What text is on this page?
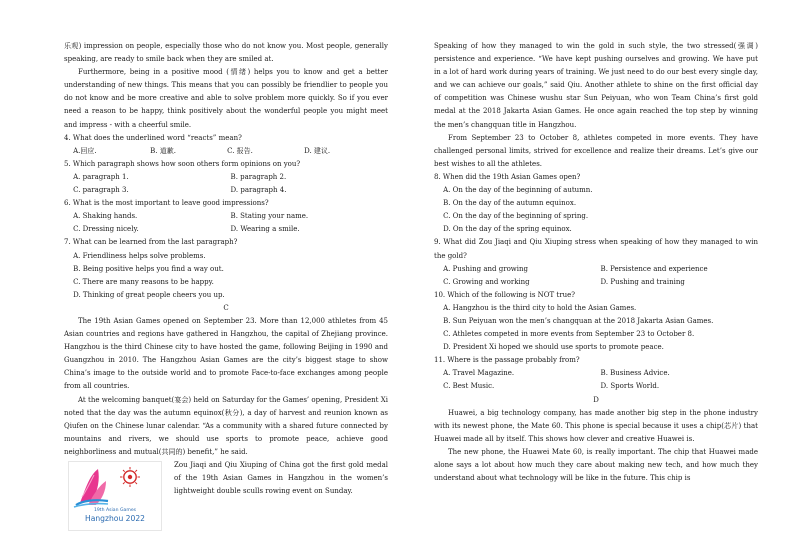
乐观) impression on people, especially those who do not know you. Most people, generally speaking, are ready to smile back when they are smiled at.

Furthermore, being in a positive mood (情绪) helps you to know and get a better understanding of new things. This means that you can possibly be friendlier to people you do not know and be more creative and able to solve problem more quickly. So if you ever need a reason to be happy, think positively about the wonderful people you might meet and impress - with a cheerful smile.

4. What does the underlined word “reacts” mean?

A.回应.	B. 道歉.	C. 报告.	D. 建议.

5. Which paragraph shows how soon others form opinions on you?

A. paragraph 1.	B. paragraph 2.
C. paragraph 3.	D. paragraph 4.

6. What is the most important to leave good impressions?

A. Shaking hands.	B. Stating your name.
C. Dressing nicely.	D. Wearing a smile.

7. What can be learned from the last paragraph?

A. Friendliness helps solve problems.
B. Being positive helps you find a way out.
C. There are many reasons to be happy.
D. Thinking of great people cheers you up.

C

The 19th Asian Games opened on September 23. More than 12,000 athletes from 45 Asian countries and regions have gathered in Hangzhou, the capital of Zhejiang province. Hangzhou is the third Chinese city to have hosted the game, following Beijing in 1990 and Guangzhou in 2010. The Hangzhou Asian Games are the city’s biggest stage to show China’s image to the outside world and to promote Face-to-face exchanges among people from all countries.

At the welcoming banquet(宴会) held on Saturday for the Games’ opening, President Xi noted that the day was the autumn equinox(秋分), a day of harvest and reunion known as Qiufen on the Chinese lunar calendar. “As a community with a shared future connected by mountains and rivers, we should use sports to promote peace, achieve good neighborliness and mutual(共同的) benefit,” he said.

19th Asian Games
Hangzhou 2022

Zou Jiaqi and Qiu Xiuping of China got the first gold medal of the 19th Asian Games in Hangzhou in the women’s lightweight double sculls rowing event on Sunday.

Speaking of how they managed to win the gold in such style, the two stressed(强调) persistence and experience. “We have kept pushing ourselves and growing. We have put in a lot of hard work during years of training. We just need to do our best every single day, and we can achieve our goals,” said Qiu. Another athlete to shine on the first official day of competition was Chinese wushu star Sun Peiyuan, who won Team China’s first gold medal at the 2018 Jakarta Asian Games. He once again reached the top step by winning the men’s changquan title in Hangzhou.

From September 23 to October 8, athletes competed in more events. They have challenged personal limits, strived for excellence and realize their dreams. Let’s give our best wishes to all the athletes.

8. When did the 19th Asian Games open?

A. On the day of the beginning of autumn.
B. On the day of the autumn equinox.
C. On the day of the beginning of spring.
D. On the day of the spring equinox.

9. What did Zou Jiaqi and Qiu Xiuping stress when speaking of how they managed to win the gold?

A. Pushing and growing	B. Persistence and experience
C. Growing and working	D. Pushing and training

10. Which of the following is NOT true?

A. Hangzhou is the third city to hold the Asian Games.
B. Sun Peiyuan won the men’s changquan at the 2018 Jakarta Asian Games.
C. Athletes competed in more events from September 23 to October 8.
D. President Xi hoped we should use sports to promote peace.

11. Where is the passage probably from?

A. Travel Magazine.	B. Business Advice.
C. Best Music.	D. Sports World.

D

Huawei, a big technology company, has made another big step in the phone industry with its newest phone, the Mate 60. This phone is special because it uses a chip(芯片) that Huawei made all by itself. This shows how clever and creative Huawei is.

The new phone, the Huawei Mate 60, is really important. The chip that Huawei made alone says a lot about how much they care about making new tech, and how much they understand about what technology will be like in the future. This chip is
